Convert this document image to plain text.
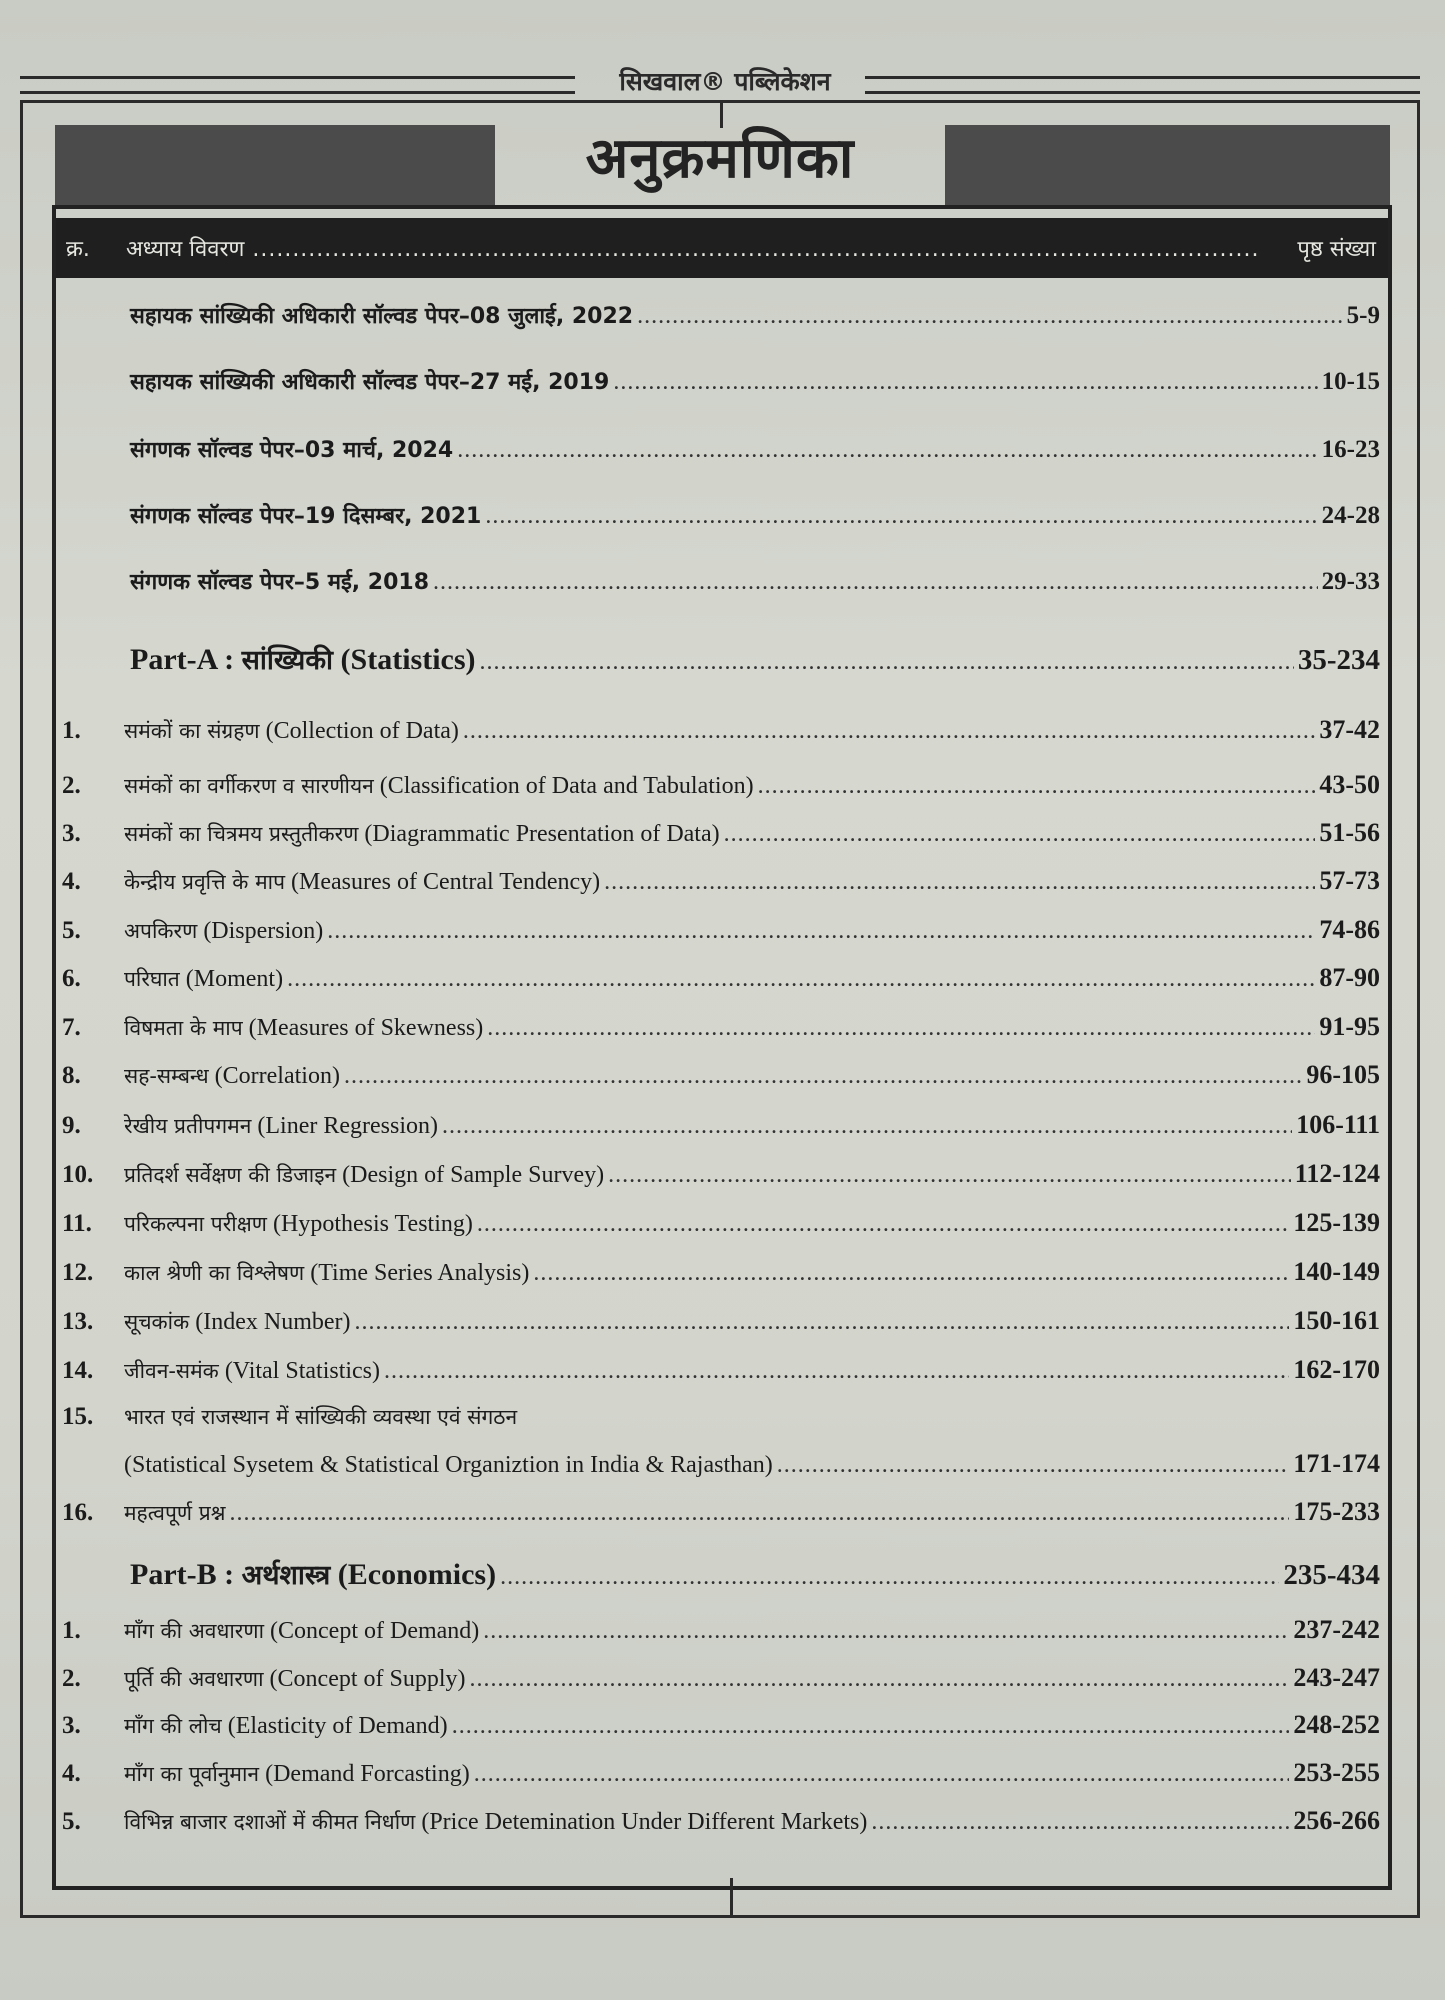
सिखवाल® पब्लिकेशन
अनुक्रमणिका
क्र. अध्याय विवरण .....	पृष्ठ संख्या
सहायक सांख्यिकी अधिकारी सॉल्वड पेपर–08 जुलाई, 2022 .....	5-9
सहायक सांख्यिकी अधिकारी सॉल्वड पेपर–27 मई, 2019 .....	10-15
संगणक सॉल्वड पेपर–03 मार्च, 2024 .....	16-23
संगणक सॉल्वड पेपर–19 दिसम्बर, 2021 .....	24-28
संगणक सॉल्वड पेपर–5 मई, 2018 .....	29-33
Part-A : सांख्यिकी (Statistics) .....	35-234
1.	समंकों का संग्रहण (Collection of Data) .....	37-42
2.	समंकों का वर्गीकरण व सारणीयन (Classification of Data and Tabulation) .....	43-50
3.	समंकों का चित्रमय प्रस्तुतीकरण (Diagrammatic Presentation of Data) .....	51-56
4.	केन्द्रीय प्रवृत्ति के माप (Measures of Central Tendency) .....	57-73
5.	अपकिरण (Dispersion) .....	74-86
6.	परिघात (Moment) .....	87-90
7.	विषमता के माप (Measures of Skewness) .....	91-95
8.	सह-सम्बन्ध (Correlation) .....	96-105
9.	रेखीय प्रतीपगमन (Liner Regression) .....	106-111
10.	प्रतिदर्श सर्वेक्षण की डिजाइन (Design of Sample Survey) .....	112-124
11.	परिकल्पना परीक्षण (Hypothesis Testing) .....	125-139
12.	काल श्रेणी का विश्लेषण (Time Series Analysis) .....	140-149
13.	सूचकांक (Index Number) .....	150-161
14.	जीवन-समंक (Vital Statistics) .....	162-170
15.	भारत एवं राजस्थान में सांख्यिकी व्यवस्था एवं संगठन
(Statistical Sysetem & Statistical Organiztion in India & Rajasthan) .....	171-174
16.	महत्वपूर्ण प्रश्न .....	175-233
Part-B : अर्थशास्त्र (Economics) .....	235-434
1.	माँग की अवधारणा (Concept of Demand) .....	237-242
2.	पूर्ति की अवधारणा (Concept of Supply) .....	243-247
3.	माँग की लोच (Elasticity of Demand) .....	248-252
4.	माँग का पूर्वानुमान (Demand Forcasting) .....	253-255
5.	विभिन्न बाजार दशाओं में कीमत निर्धाण (Price Detemination Under Different Markets) .....	256-266
